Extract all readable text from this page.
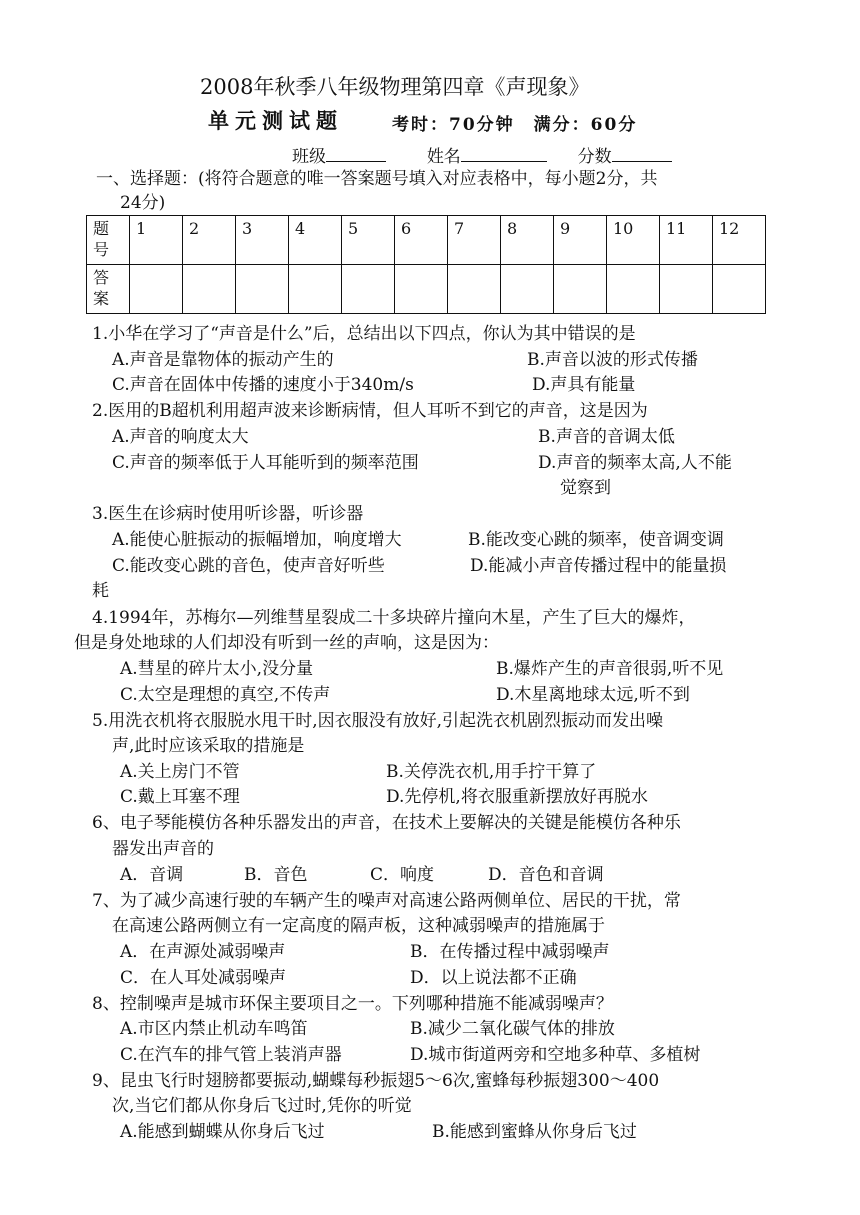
2008年秋季八年级物理第四章《声现象》
单元测试题	考时：70分钟　满分：60分
班级	姓名	分数
一、选择题：(将符合题意的唯一答案题号填入对应表格中，每小题2分，共
24分)
题
号	1	2	3	4	5	6	7	8	9	10	11	12
答
案												
1.小华在学习了“声音是什么”后，总结出以下四点，你认为其中错误的是
A.声音是靠物体的振动产生的	B.声音以波的形式传播
C.声音在固体中传播的速度小于340m/s	D.声具有能量
2.医用的B超机利用超声波来诊断病情，但人耳听不到它的声音，这是因为
A.声音的响度太大	B.声音的音调太低
C.声音的频率低于人耳能听到的频率范围	D.声音的频率太高,人不能
觉察到
3.医生在诊病时使用听诊器，听诊器
A.能使心脏振动的振幅增加，响度增大	B.能改变心跳的频率，使音调变调
C.能改变心跳的音色，使声音好听些	D.能减小声音传播过程中的能量损
耗
4.1994年，苏梅尔—列维彗星裂成二十多块碎片撞向木星，产生了巨大的爆炸，
但是身处地球的人们却没有听到一丝的声响，这是因为：
A.彗星的碎片太小,没分量	B.爆炸产生的声音很弱,听不见
C.太空是理想的真空,不传声	D.木星离地球太远,听不到
5.用洗衣机将衣服脱水甩干时,因衣服没有放好,引起洗衣机剧烈振动而发出噪
声,此时应该采取的措施是
A.关上房门不管	B.关停洗衣机,用手拧干算了
C.戴上耳塞不理	D.先停机,将衣服重新摆放好再脱水
6、电子琴能模仿各种乐器发出的声音，在技术上要解决的关键是能模仿各种乐
器发出声音的
A．音调	B．音色	C．响度	D．音色和音调
7、为了减少高速行驶的车辆产生的噪声对高速公路两侧单位、居民的干扰，常
在高速公路两侧立有一定高度的隔声板，这种减弱噪声的措施属于
A．在声源处减弱噪声	B．在传播过程中减弱噪声
C．在人耳处减弱噪声	D．以上说法都不正确
8、控制噪声是城市环保主要项目之一。下列哪种措施不能减弱噪声？
A.市区内禁止机动车鸣笛	B.减少二氧化碳气体的排放
C.在汽车的排气管上装消声器	D.城市街道两旁和空地多种草、多植树
9、昆虫飞行时翅膀都要振动,蝴蝶每秒振翅5～6次,蜜蜂每秒振翅300～400
次,当它们都从你身后飞过时,凭你的听觉
A.能感到蝴蝶从你身后飞过	B.能感到蜜蜂从你身后飞过
